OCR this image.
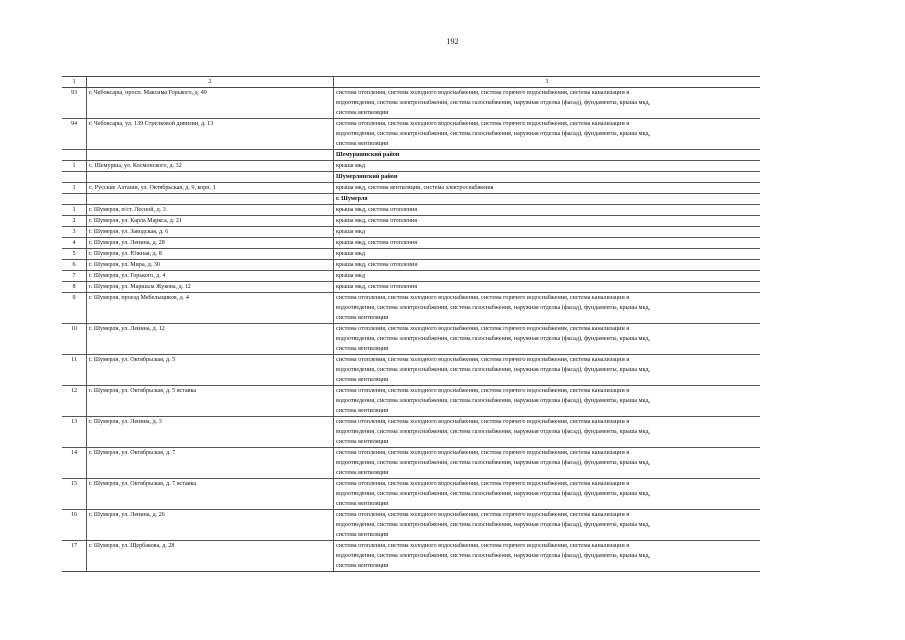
192
1	2	3
93	г. Чебоксары, просп. Максима Горького, д. 49	система отопления, система холодного водоснабжения, система горячего водоснабжения, система канализации и
водоотведения, система электроснабжения, система газоснабжения, наружная отделка (фасад), фундаменты, крыша мкд,
система вентиляции

94	г. Чебоксары, ул. 139 Стрелковой дивизии, д. 13	система отопления, система холодного водоснабжения, система горячего водоснабжения, система канализации и
водоотведения, система электроснабжения, система газоснабжения, наружная отделка (фасад), фундаменты, крыша мкд,
система вентиляции

		Шемуршинский район
1	с. Шемурша, ул. Космонского, д. 32	крыша мкд

		Шумерлинский район
1	с. Русские Алгаши, ул. Октябрьская, д. 9, корп. 1	крыша мкд, система вентиляции, система электроснабжения

		г. Шумерля
1	г. Шумерля, п/ст. Лесной, д. 3	крыша мкд, система отопления

2	г. Шумерля, ул. Карла Маркса, д. 21	крыша мкд, система отопления

3	г. Шумерля, ул. Заводская, д. 6	крыша мкд

4	г. Шумерля, ул. Ленина, д. 28	крыша мкд, система отопления

5	г. Шумерля, ул. Южная, д. 8	крыша мкд

6	г. Шумерля, ул. Мира, д. 30	крыша мкд, система отопления

7	г. Шумерля, ул. Горького, д. 4	крыша мкд

8	г. Шумерля, ул. Маршала Жукова, д. 12	крыша мкд, система отопления

9	г. Шумерля, проезд Мебельщиков, д. 4	система отопления, система холодного водоснабжения, система горячего водоснабжения, система канализации и
водоотведения, система электроснабжения, система газоснабжения, наружная отделка (фасад), фундаменты, крыша мкд,
система вентиляции

10	г. Шумерля, ул. Ленина, д. 12	система отопления, система холодного водоснабжения, система горячего водоснабжения, система канализации и
водоотведения, система электроснабжения, система газоснабжения, наружная отделка (фасад), фундаменты, крыша мкд,
система вентиляции

11	г. Шумерля, ул. Октябрьская, д. 5	система отопления, система холодного водоснабжения, система горячего водоснабжения, система канализации и
водоотведения, система электроснабжения, система газоснабжения, наружная отделка (фасад), фундаменты, крыша мкд,
система вентиляции

12	г. Шумерля, ул. Октябрьская, д. 5 вставка	система отопления, система холодного водоснабжения, система горячего водоснабжения, система канализации и
водоотведения, система электроснабжения, система газоснабжения, наружная отделка (фасад), фундаменты, крыша мкд,
система вентиляции

13	г. Шумерля, ул. Ленина, д. 3	система отопления, система холодного водоснабжения, система горячего водоснабжения, система канализации и
водоотведения, система электроснабжения, система газоснабжения, наружная отделка (фасад), фундаменты, крыша мкд,
система вентиляции

14	г. Шумерля, ул. Октябрьская, д. 7	система отопления, система холодного водоснабжения, система горячего водоснабжения, система канализации и
водоотведения, система электроснабжения, система газоснабжения, наружная отделка (фасад), фундаменты, крыша мкд,
система вентиляции

15	г. Шумерля, ул. Октябрьская, д. 7 вставка	система отопления, система холодного водоснабжения, система горячего водоснабжения, система канализации и
водоотведения, система электроснабжения, система газоснабжения, наружная отделка (фасад), фундаменты, крыша мкд,
система вентиляции

16	г. Шумерля, ул. Ленина, д. 26	система отопления, система холодного водоснабжения, система горячего водоснабжения, система канализации и
водоотведения, система электроснабжения, система газоснабжения, наружная отделка (фасад), фундаменты, крыша мкд,
система вентиляции

17	г. Шумерля, ул. Щербакова, д. 28	система отопления, система холодного водоснабжения, система горячего водоснабжения, система канализации и
водоотведения, система электроснабжения, система газоснабжения, наружная отделка (фасад), фундаменты, крыша мкд,
система вентиляции
